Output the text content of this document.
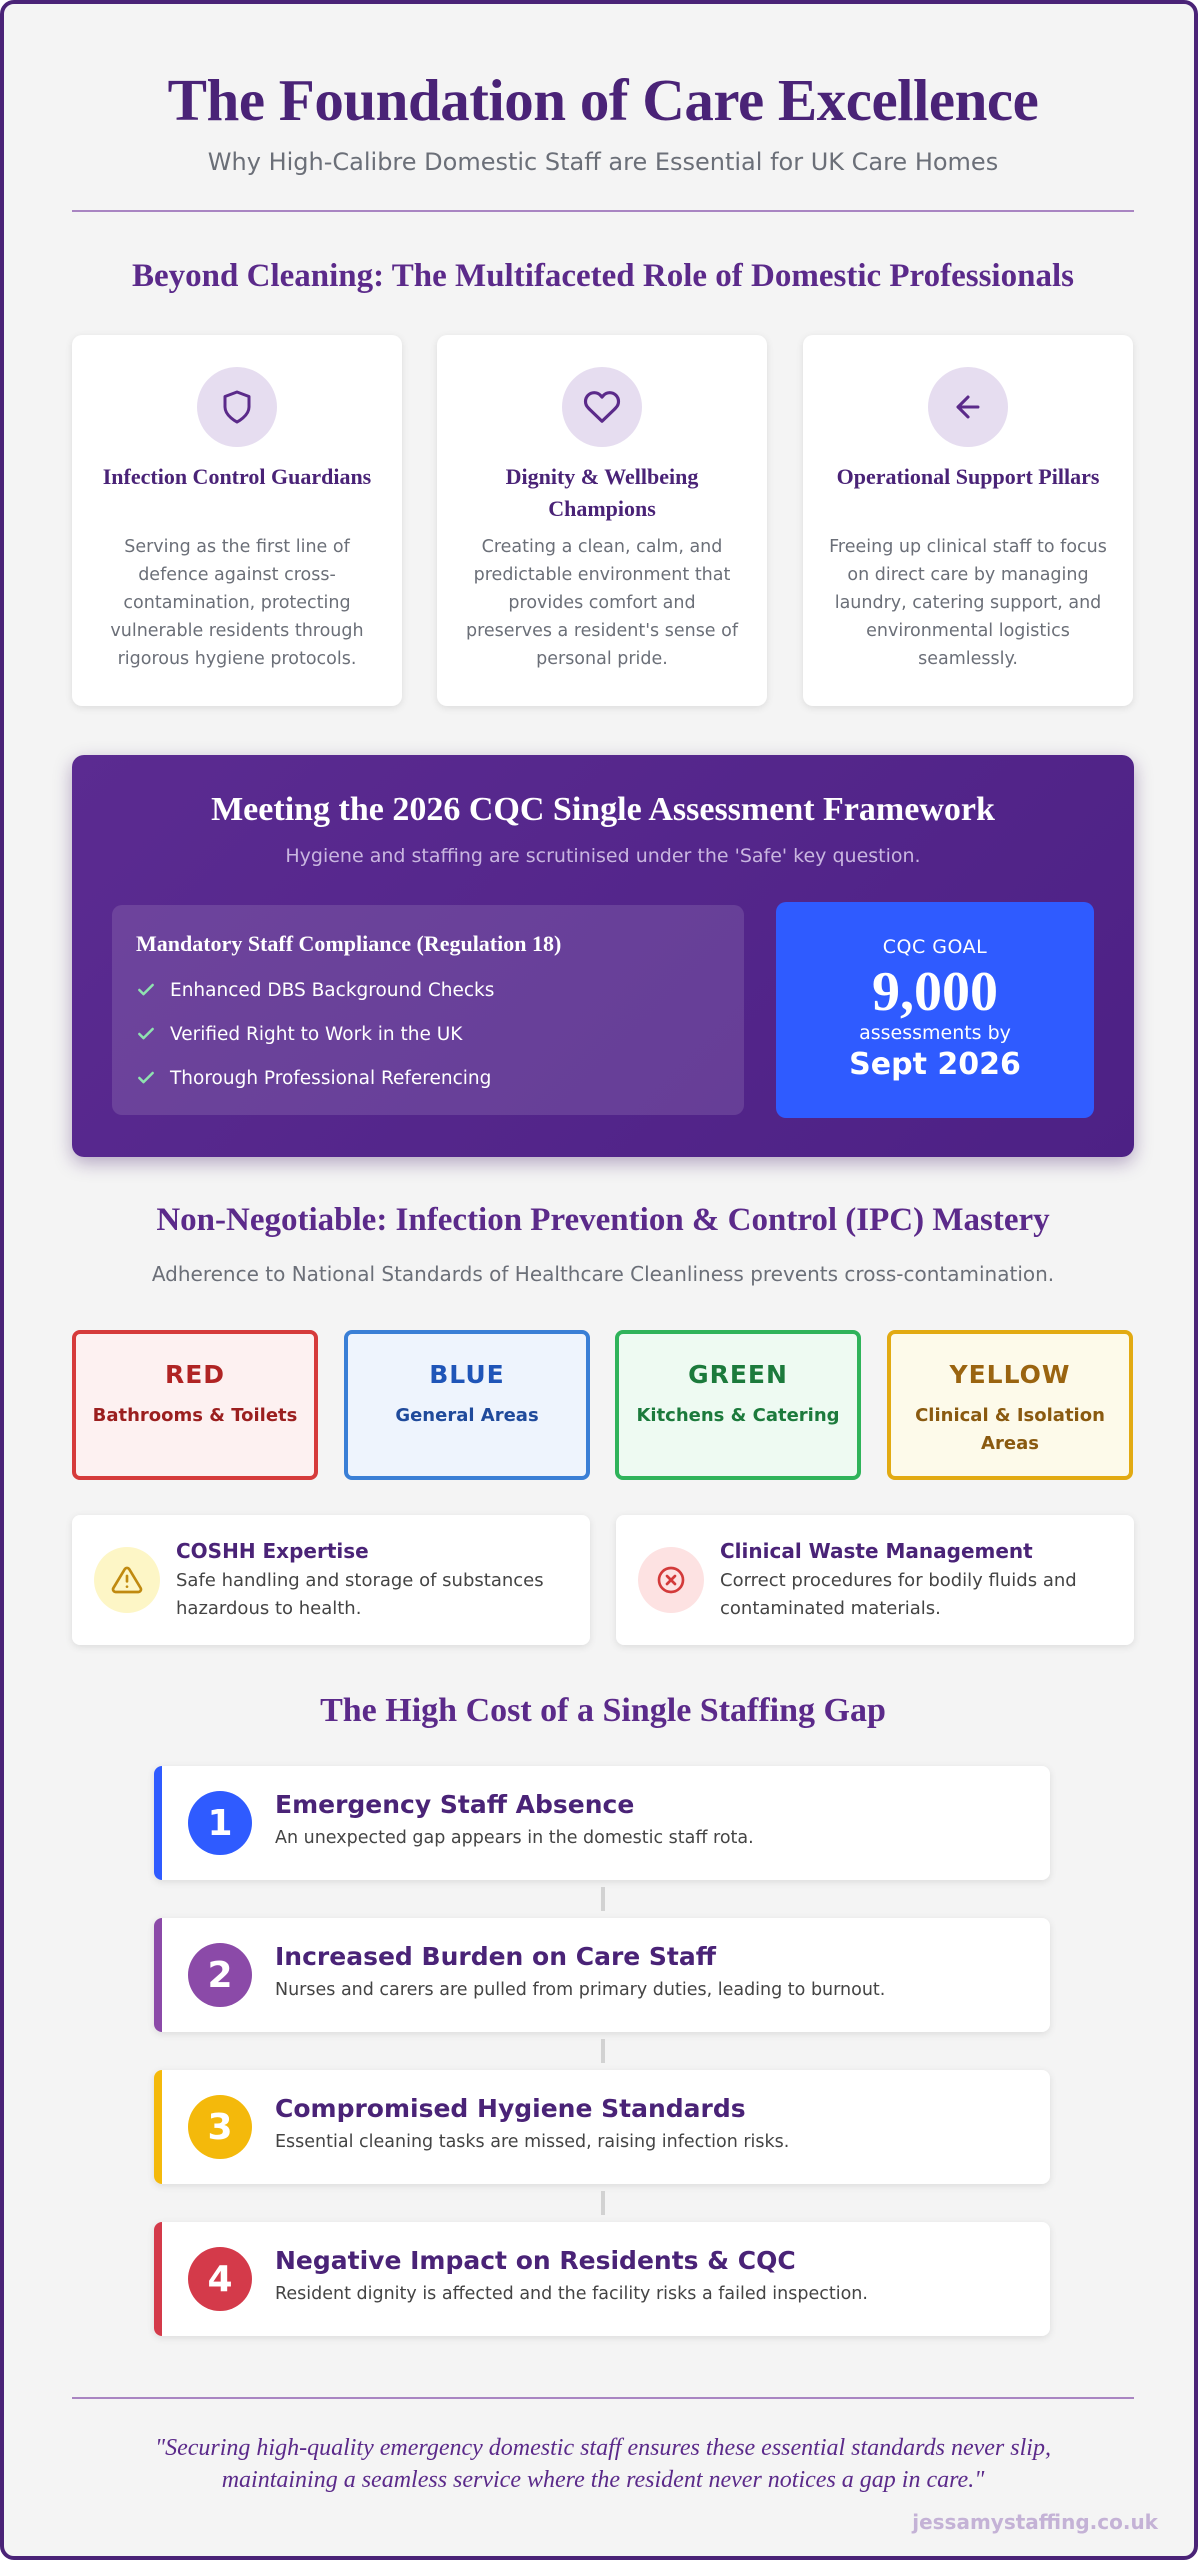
The Foundation of Care Excellence
Why High-Calibre Domestic Staff are Essential for UK Care Homes
Beyond Cleaning: The Multifaceted Role of Domestic Professionals
Infection Control Guardians
Serving as the first line of defence against cross-contamination, protecting vulnerable residents through rigorous hygiene protocols.
Dignity & Wellbeing Champions
Creating a clean, calm, and predictable environment that provides comfort and preserves a resident's sense of personal pride.
Operational Support Pillars
Freeing up clinical staff to focus on direct care by managing laundry, catering support, and environmental logistics seamlessly.
Meeting the 2026 CQC Single Assessment Framework
Hygiene and staffing are scrutinised under the 'Safe' key question.
Mandatory Staff Compliance (Regulation 18)
Enhanced DBS Background Checks
Verified Right to Work in the UK
Thorough Professional Referencing
CQC GOAL
9,000
assessments by
Sept 2026
Non-Negotiable: Infection Prevention & Control (IPC) Mastery
Adherence to National Standards of Healthcare Cleanliness prevents cross-contamination.
RED
Bathrooms & Toilets
BLUE
General Areas
GREEN
Kitchens & Catering
YELLOW
Clinical & Isolation Areas
COSHH Expertise
Safe handling and storage of substances hazardous to health.
Clinical Waste Management
Correct procedures for bodily fluids and contaminated materials.
The High Cost of a Single Staffing Gap
1	Emergency Staff Absence
An unexpected gap appears in the domestic staff rota.
2	Increased Burden on Care Staff
Nurses and carers are pulled from primary duties, leading to burnout.
3	Compromised Hygiene Standards
Essential cleaning tasks are missed, raising infection risks.
4	Negative Impact on Residents & CQC
Resident dignity is affected and the facility risks a failed inspection.
"Securing high-quality emergency domestic staff ensures these essential standards never slip, maintaining a seamless service where the resident never notices a gap in care."
jessamystaffing.co.uk
